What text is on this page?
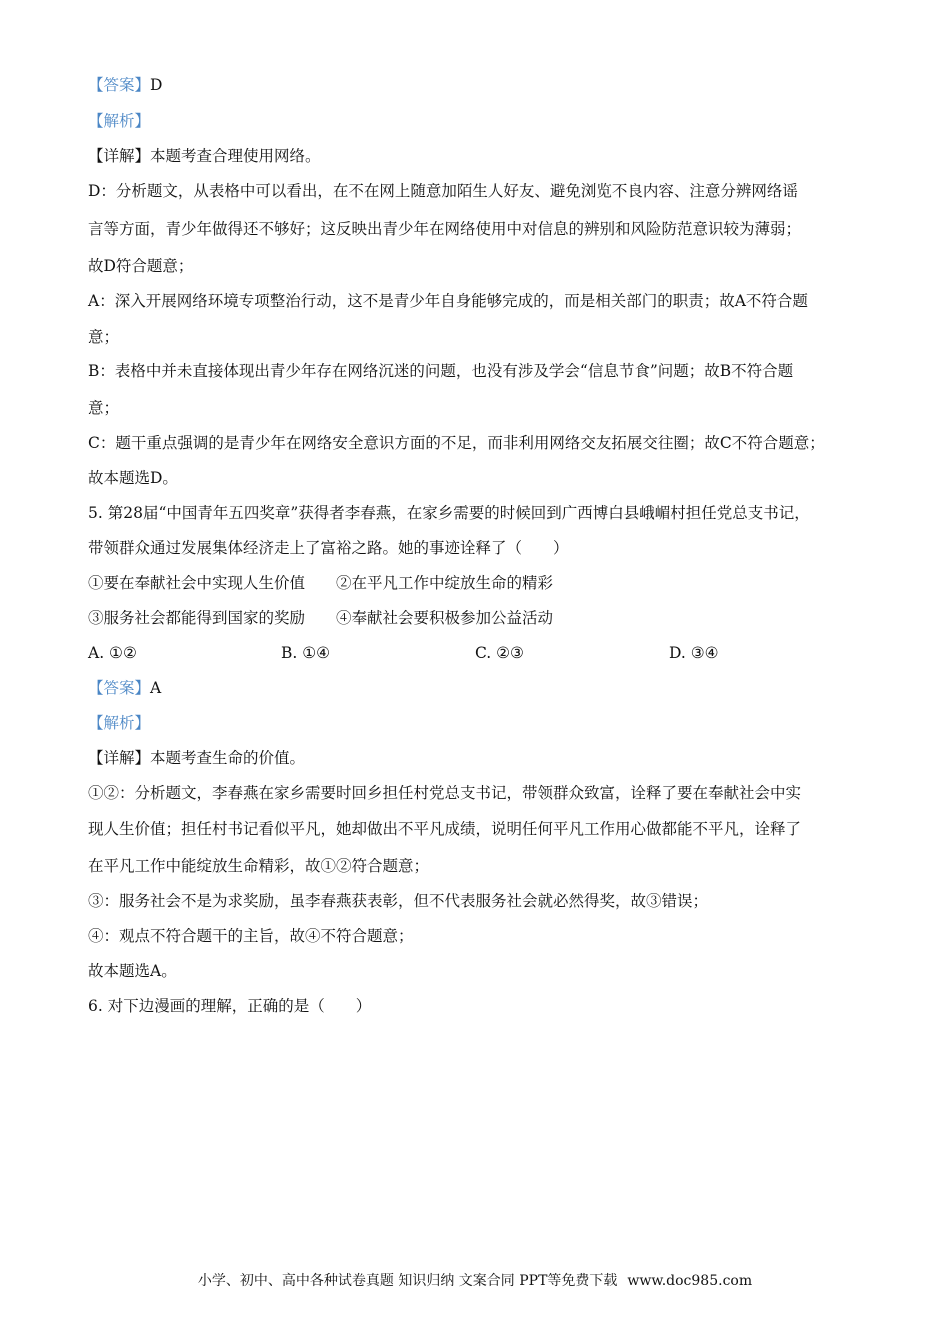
【答案】D
【解析】
【详解】本题考查合理使用网络。
D：分析题文，从表格中可以看出，在不在网上随意加陌生人好友、避免浏览不良内容、注意分辨网络谣
言等方面，青少年做得还不够好；这反映出青少年在网络使用中对信息的辨别和风险防范意识较为薄弱；
故D符合题意；
A：深入开展网络环境专项整治行动，这不是青少年自身能够完成的，而是相关部门的职责；故A不符合题
意；
B：表格中并未直接体现出青少年存在网络沉迷的问题，也没有涉及学会“信息节食”问题；故B不符合题
意；
C：题干重点强调的是青少年在网络安全意识方面的不足，而非利用网络交友拓展交往圈；故C不符合题意；
故本题选D。
5. 第28届“中国青年五四奖章”获得者李春燕，在家乡需要的时候回到广西博白县峨嵋村担任党总支书记，
带领群众通过发展集体经济走上了富裕之路。她的事迹诠释了（　　）
①要在奉献社会中实现人生价值　　②在平凡工作中绽放生命的精彩
③服务社会都能得到国家的奖励　　④奉献社会要积极参加公益活动
A. ①②	B. ①④	C. ②③	D. ③④
【答案】A
【解析】
【详解】本题考查生命的价值。
①②：分析题文，李春燕在家乡需要时回乡担任村党总支书记，带领群众致富，诠释了要在奉献社会中实
现人生价值；担任村书记看似平凡，她却做出不平凡成绩，说明任何平凡工作用心做都能不平凡，诠释了
在平凡工作中能绽放生命精彩，故①②符合题意；
③：服务社会不是为求奖励，虽李春燕获表彰，但不代表服务社会就必然得奖，故③错误；
④：观点不符合题干的主旨，故④不符合题意；
故本题选A。
6. 对下边漫画的理解，正确的是（　　）
小学、初中、高中各种试卷真题 知识归纳 文案合同 PPT等免费下载 www.doc985.com
